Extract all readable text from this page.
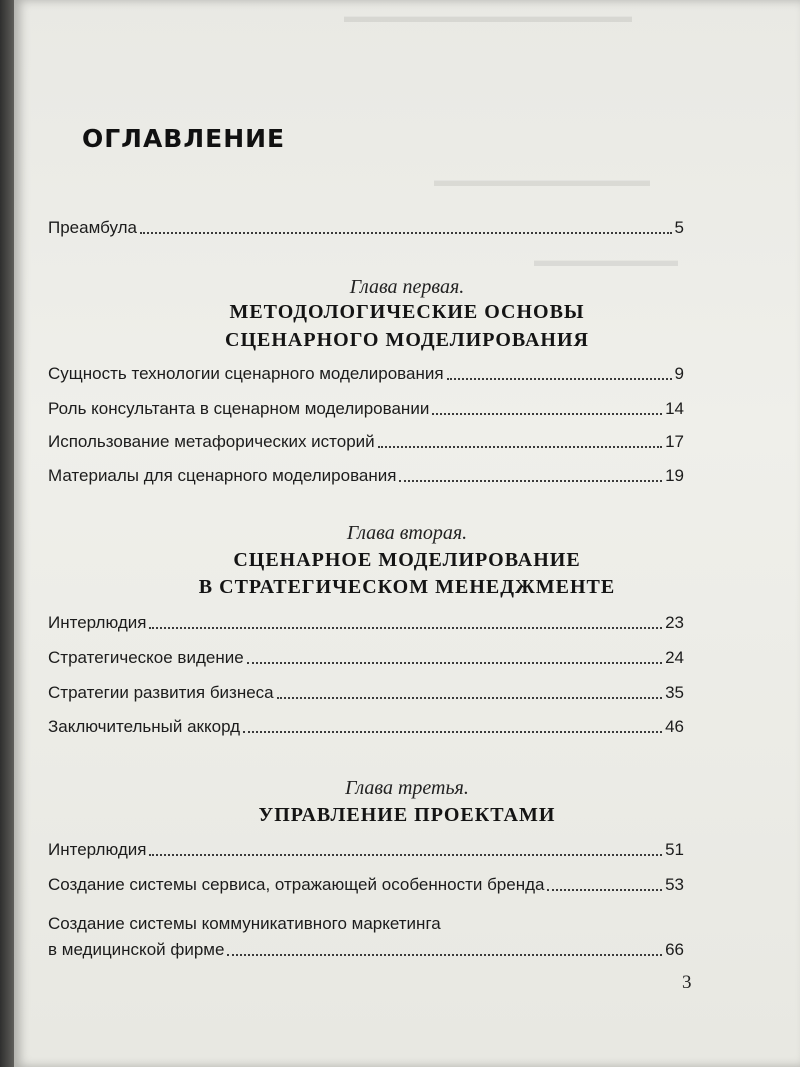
▬▬▬▬▬▬▬▬▬▬▬▬▬▬▬▬
▬▬▬▬▬▬▬▬▬▬▬▬
▬▬▬▬▬▬▬▬
ОГЛАВЛЕНИЕ
Преамбула	5
Глава первая.
МЕТОДОЛОГИЧЕСКИЕ ОСНОВЫ
СЦЕНАРНОГО МОДЕЛИРОВАНИЯ
Сущность технологии сценарного моделирования	9
Роль консультанта в сценарном моделировании	14
Использование метафорических историй	17
Материалы для сценарного моделирования	19
Глава вторая.
СЦЕНАРНОЕ МОДЕЛИРОВАНИЕ
В СТРАТЕГИЧЕСКОМ МЕНЕДЖМЕНТЕ
Интерлюдия	23
Стратегическое видение	24
Стратегии развития бизнеса	35
Заключительный аккорд	46
Глава третья.
УПРАВЛЕНИЕ ПРОЕКТАМИ
Интерлюдия	51
Создание системы сервиса, отражающей особенности бренда	53
Создание системы коммуникативного маркетинга
в медицинской фирме	66
3
